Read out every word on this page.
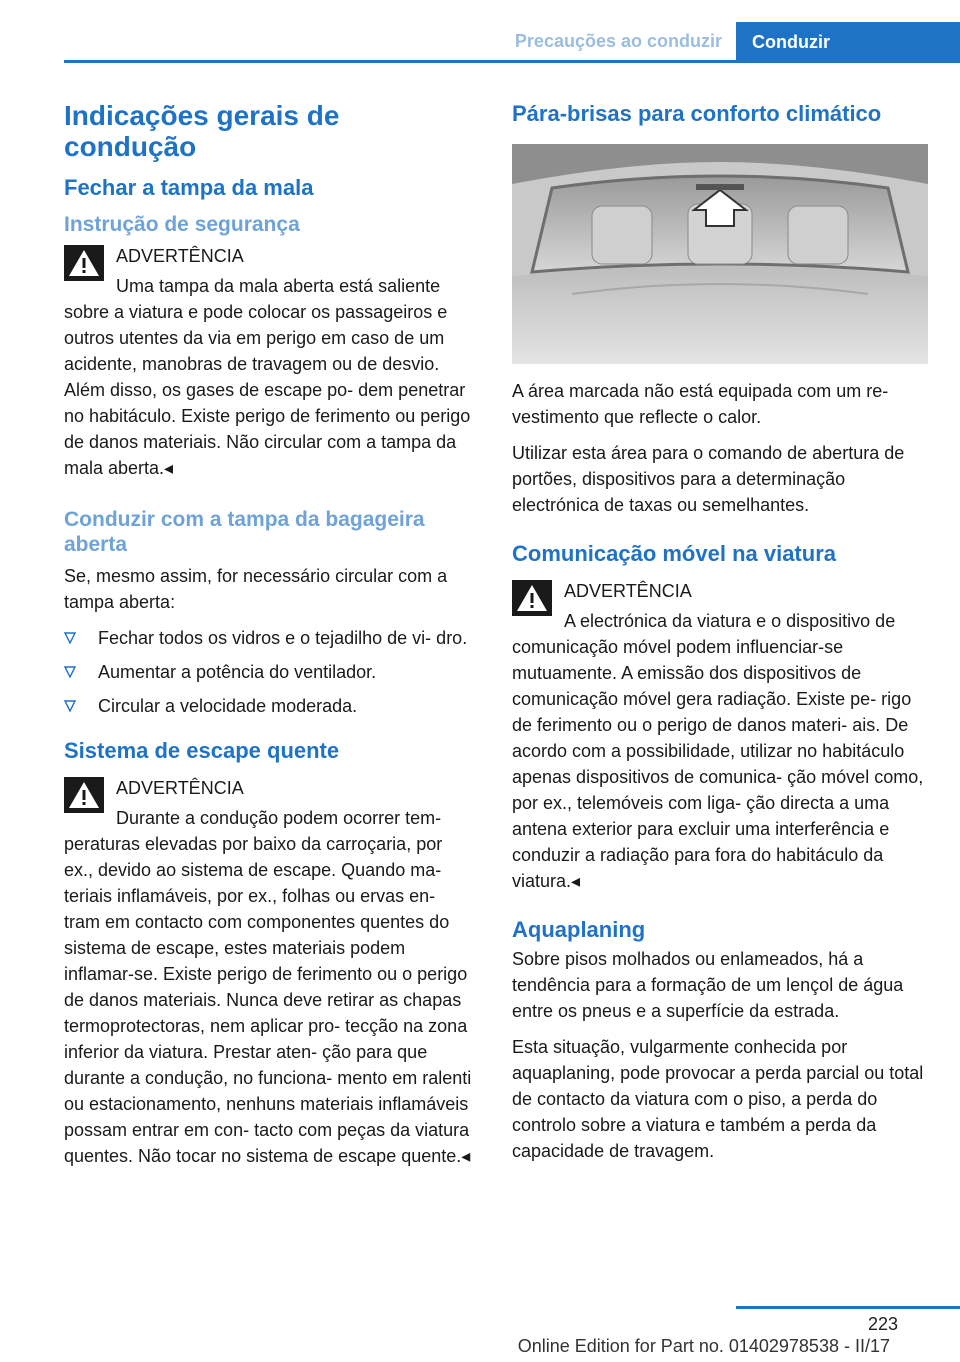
Precauções ao conduzir	Conduzir
Indicações gerais de condução
Fechar a tampa da mala
Instrução de segurança

ADVERTÊNCIA

Uma tampa da mala aberta está saliente sobre a viatura e pode colocar os passageiros e outros utentes da via em perigo em caso de um acidente, manobras de travagem ou de desvio. Além disso, os gases de escape po- dem penetrar no habitáculo. Existe perigo de ferimento ou perigo de danos materiais. Não circular com a tampa da mala aberta.◂

Conduzir com a tampa da bagageira aberta

Se, mesmo assim, for necessário circular com a tampa aberta:

Fechar todos os vidros e o tejadilho de vi- dro.
Aumentar a potência do ventilador.
Circular a velocidade moderada.
Sistema de escape quente

ADVERTÊNCIA

Durante a condução podem ocorrer tem- peraturas elevadas por baixo da carroçaria, por ex., devido ao sistema de escape. Quando ma- teriais inflamáveis, por ex., folhas ou ervas en- tram em contacto com componentes quentes do sistema de escape, estes materiais podem inflamar-se. Existe perigo de ferimento ou o perigo de danos materiais. Nunca deve retirar as chapas termoprotectoras, nem aplicar pro- tecção na zona inferior da viatura. Prestar aten- ção para que durante a condução, no funciona- mento em ralenti ou estacionamento, nenhuns materiais inflamáveis possam entrar em con- tacto com peças da viatura quentes. Não tocar no sistema de escape quente.◂

Pára-brisas para conforto climático

A área marcada não está equipada com um re- vestimento que reflecte o calor.

Utilizar esta área para o comando de abertura de portões, dispositivos para a determinação electrónica de taxas ou semelhantes.

Comunicação móvel na viatura

ADVERTÊNCIA

A electrónica da viatura e o dispositivo de comunicação móvel podem influenciar-se mutuamente. A emissão dos dispositivos de comunicação móvel gera radiação. Existe pe- rigo de ferimento ou o perigo de danos materi- ais. De acordo com a possibilidade, utilizar no habitáculo apenas dispositivos de comunica- ção móvel como, por ex., telemóveis com liga- ção directa a uma antena exterior para excluir uma interferência e conduzir a radiação para fora do habitáculo da viatura.◂

Aquaplaning

Sobre pisos molhados ou enlameados, há a tendência para a formação de um lençol de água entre os pneus e a superfície da estrada.

Esta situação, vulgarmente conhecida por aquaplaning, pode provocar a perda parcial ou total de contacto da viatura com o piso, a perda do controlo sobre a viatura e também a perda da capacidade de travagem.

223
Online Edition for Part no. 01402978538 - II/17
